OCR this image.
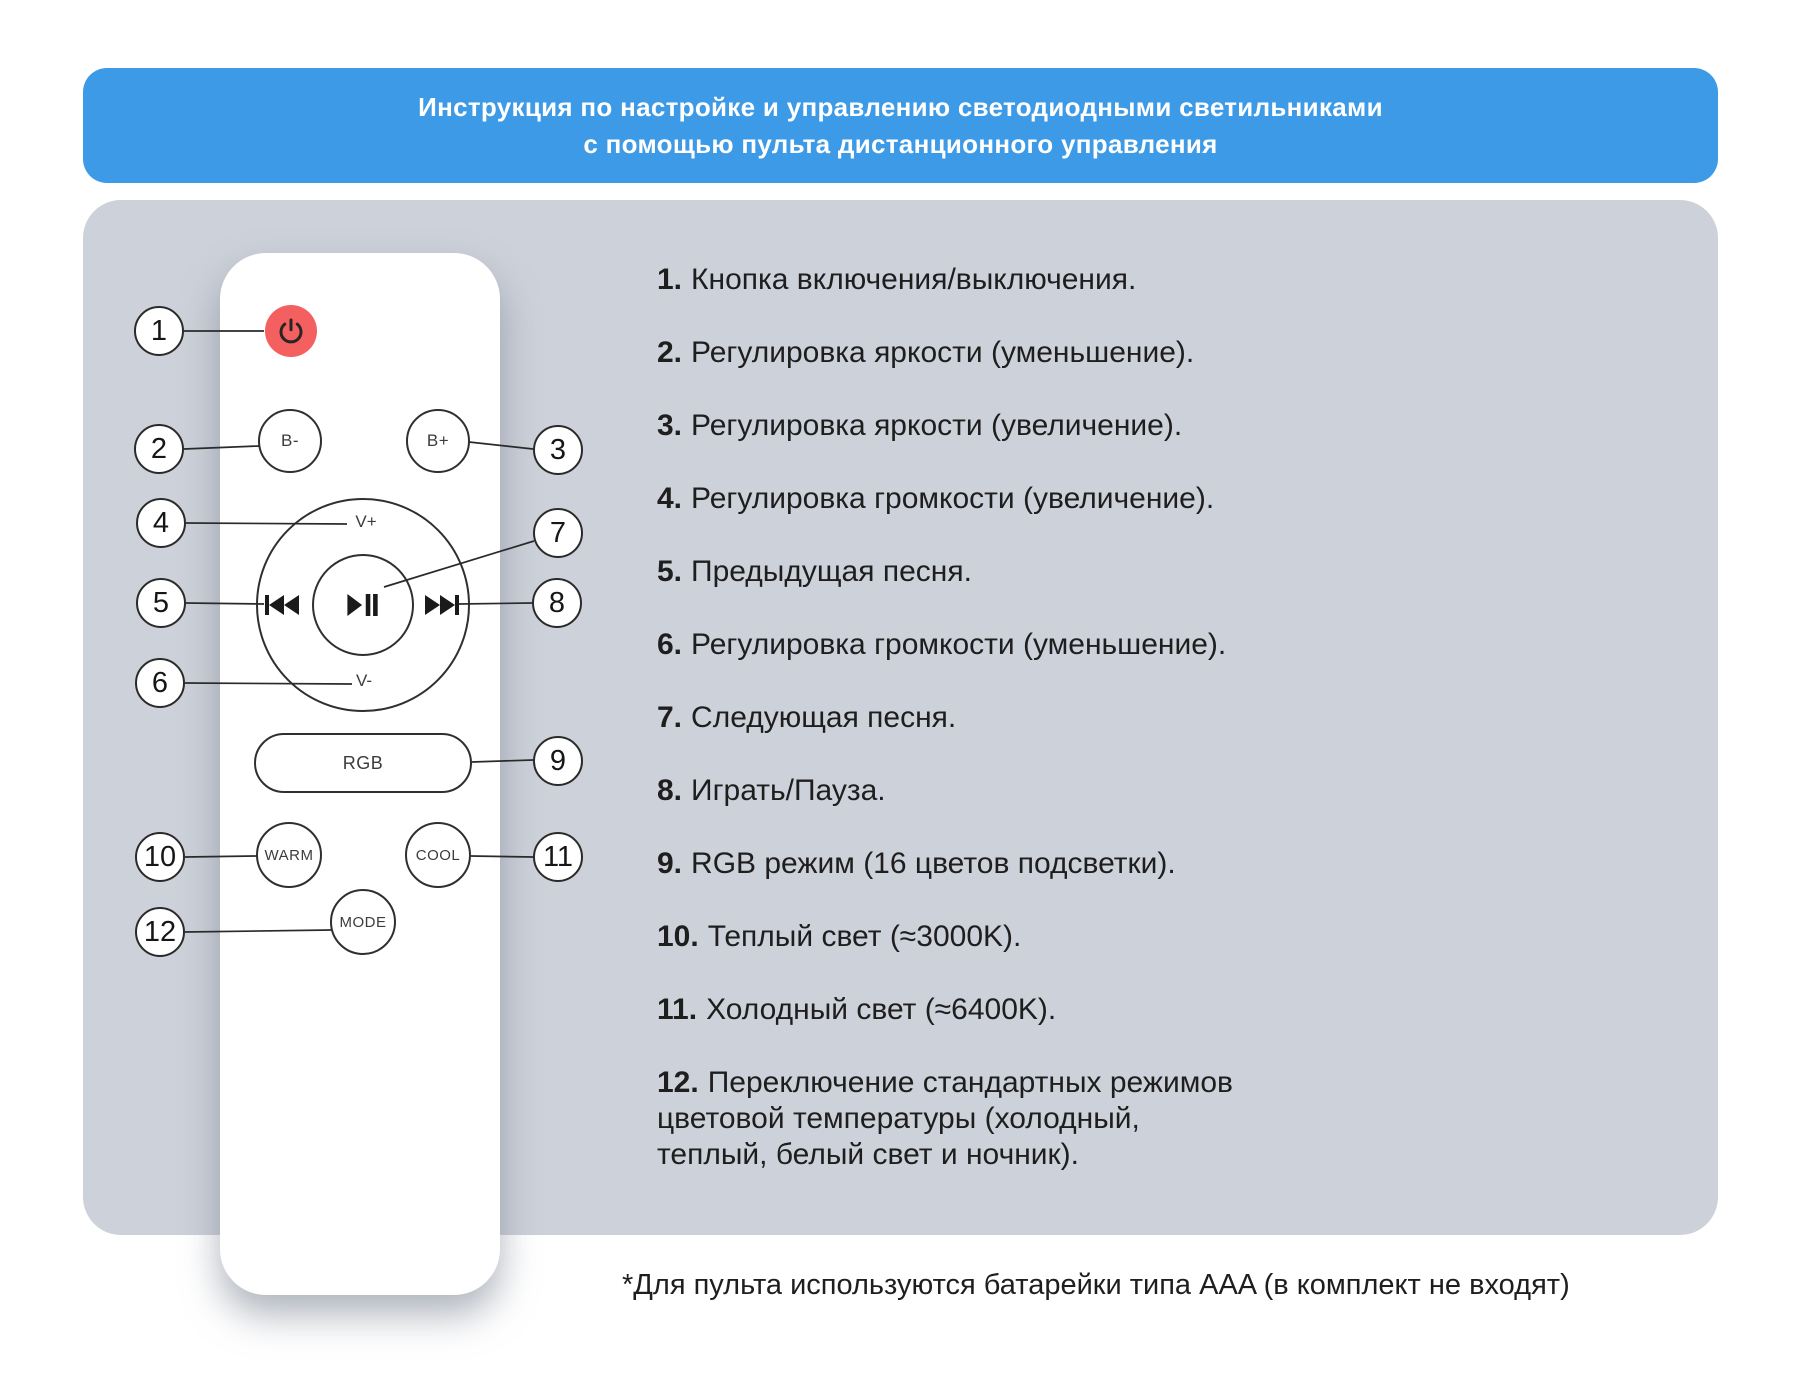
Инструкция по настройке и управлению светодиодными светильниками
с помощью пульта дистанционного управления
B-	B+
V+
V-
RGB
WARM	COOL
MODE
1
2	3
4
5
6
7
8
9
10	11
12
1. Кнопка включения/выключения.
2. Регулировка яркости (уменьшение).
3. Регулировка яркости (увеличение).
4. Регулировка громкости (увеличение).
5. Предыдущая песня.
6. Регулировка громкости (уменьшение).
7. Следующая песня.
8. Играть/Пауза.
9. RGB режим (16 цветов подсветки).
10. Теплый свет (≈3000K).
11. Холодный свет (≈6400K).
12. Переключение стандартных режимов цветовой температуры (холодный, теплый, белый свет и ночник).
*Для пульта используются батарейки типа AAA (в комплект не входят)
